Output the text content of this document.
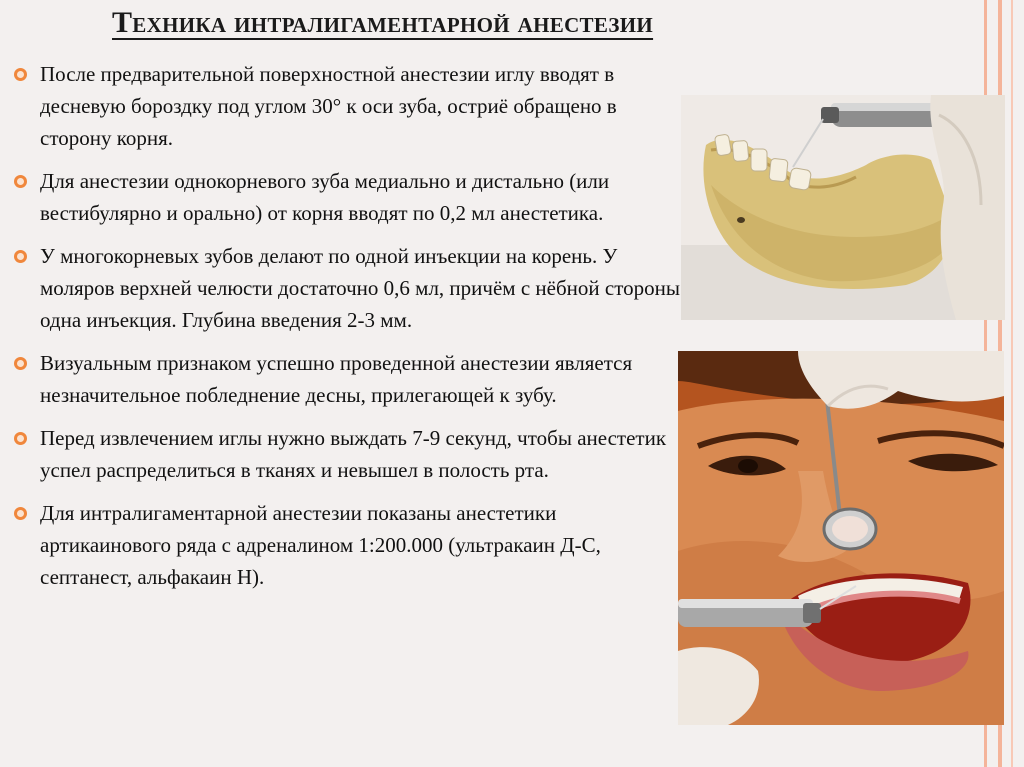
Техника интралигаментарной анестезии
После предварительной поверхностной анестезии иглу вводят в десневую бороздку под углом 30° к оси зуба, остриё обращено в сторону корня.
Для анестезии однокорневого зуба медиально и дистально (или вестибулярно и орально) от корня вводят по 0,2 мл анестетика.
У многокорневых зубов делают по одной инъекции на корень. У моляров верхней челюсти достаточно 0,6 мл, причём с нёбной стороны одна инъекция. Глубина введения 2-3 мм.
Визуальным признаком успешно проведенной анестезии является незначительное побледнение десны, прилегающей к зубу.
Перед извлечением иглы нужно выждать 7-9 секунд, чтобы анестетик успел распределиться в тканях и невышел в полость рта.
Для интралигаментарной анестезии показаны анестетики артикаинового ряда с адреналином 1:200.000 (ультракаин Д-С, септанест, альфакаин Н).
